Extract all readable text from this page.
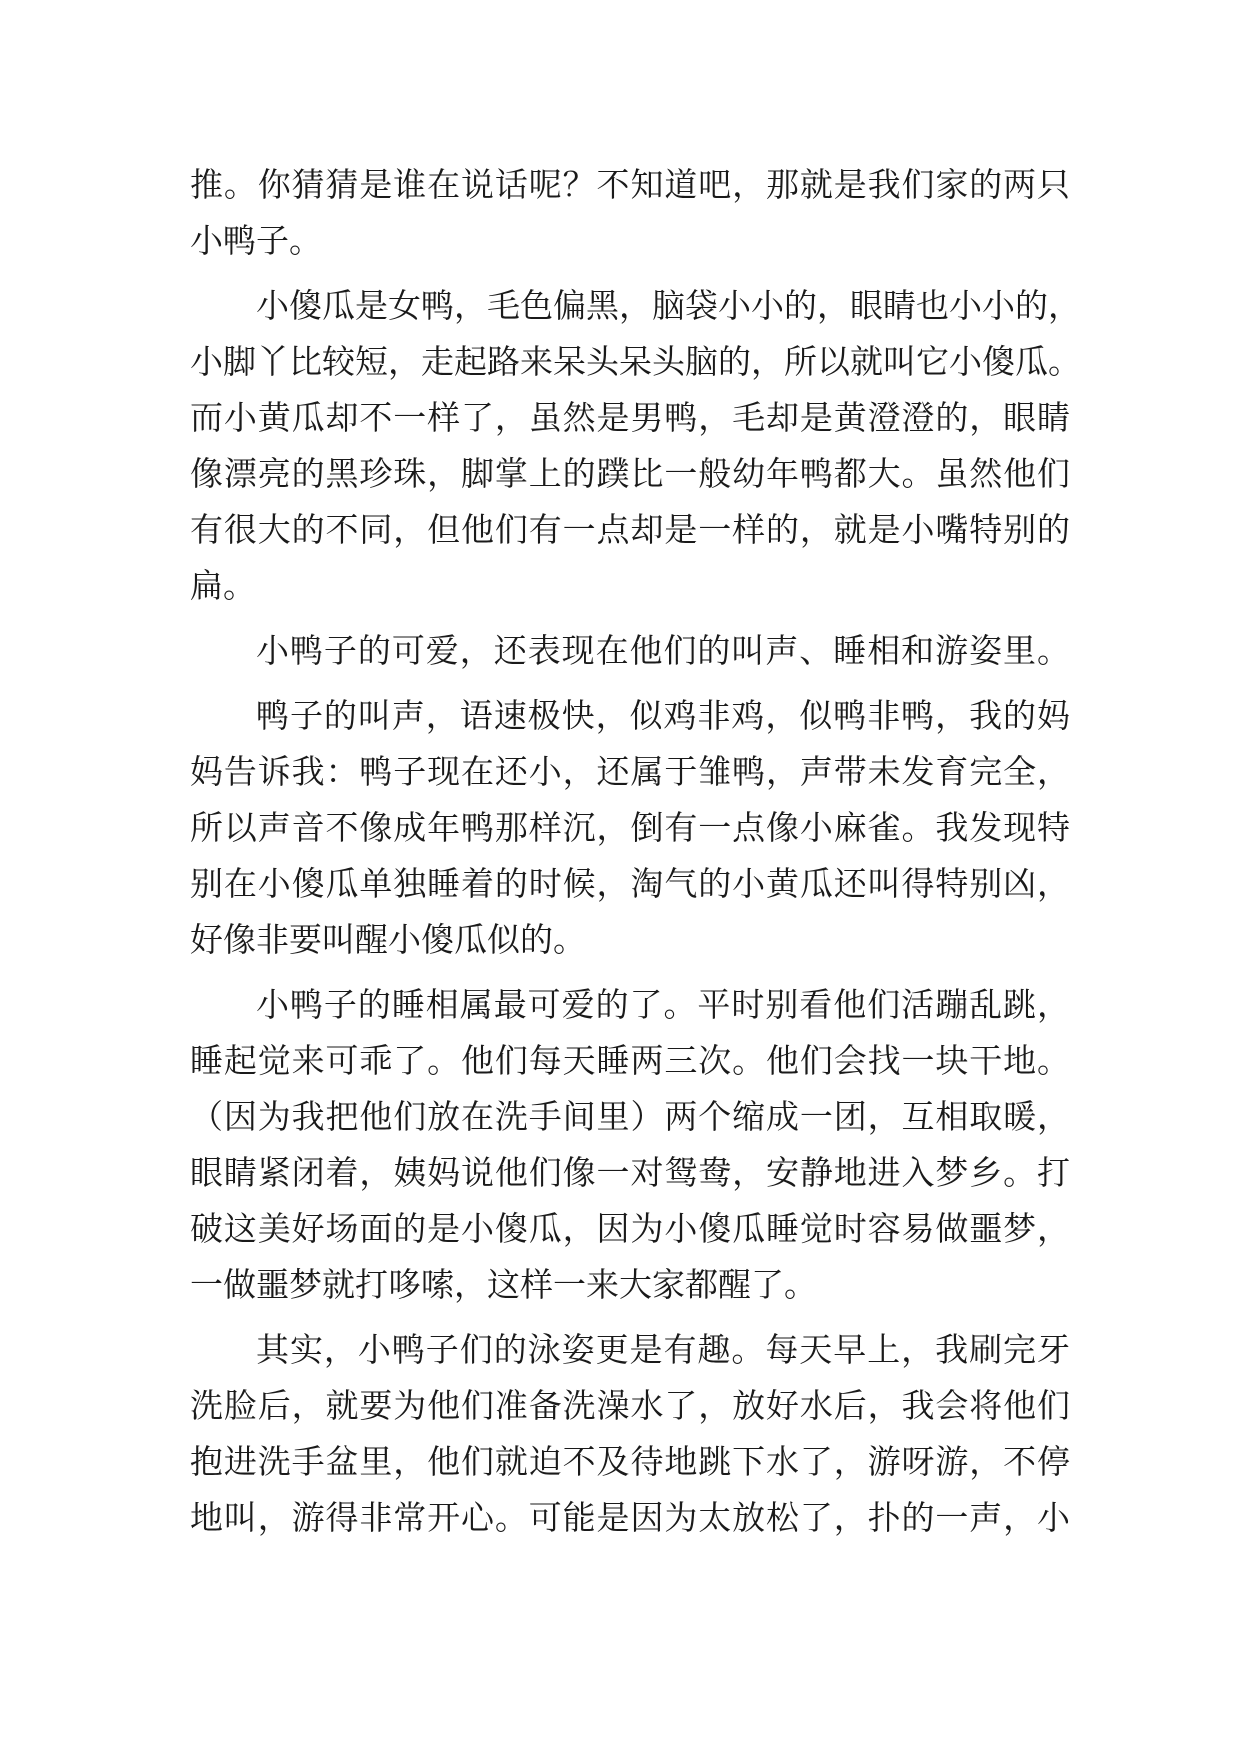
推。你猜猜是谁在说话呢？不知道吧，那就是我们家的两只
小鸭子。
小傻瓜是女鸭，毛色偏黑，脑袋小小的，眼睛也小小的，
小脚丫比较短，走起路来呆头呆头脑的，所以就叫它小傻瓜。
而小黄瓜却不一样了，虽然是男鸭，毛却是黄澄澄的，眼睛
像漂亮的黑珍珠，脚掌上的蹼比一般幼年鸭都大。虽然他们
有很大的不同，但他们有一点却是一样的，就是小嘴特别的
扁。
小鸭子的可爱，还表现在他们的叫声、睡相和游姿里。
鸭子的叫声，语速极快，似鸡非鸡，似鸭非鸭，我的妈
妈告诉我：鸭子现在还小，还属于雏鸭，声带未发育完全，
所以声音不像成年鸭那样沉，倒有一点像小麻雀。我发现特
别在小傻瓜单独睡着的时候，淘气的小黄瓜还叫得特别凶，
好像非要叫醒小傻瓜似的。
小鸭子的睡相属最可爱的了。平时别看他们活蹦乱跳，
睡起觉来可乖了。他们每天睡两三次。他们会找一块干地。
（因为我把他们放在洗手间里）两个缩成一团，互相取暖，
眼睛紧闭着，姨妈说他们像一对鸳鸯，安静地进入梦乡。打
破这美好场面的是小傻瓜，因为小傻瓜睡觉时容易做噩梦，
一做噩梦就打哆嗦，这样一来大家都醒了。
其实，小鸭子们的泳姿更是有趣。每天早上，我刷完牙
洗脸后，就要为他们准备洗澡水了，放好水后，我会将他们
抱进洗手盆里，他们就迫不及待地跳下水了，游呀游，不停
地叫，游得非常开心。可能是因为太放松了，扑的一声，小
